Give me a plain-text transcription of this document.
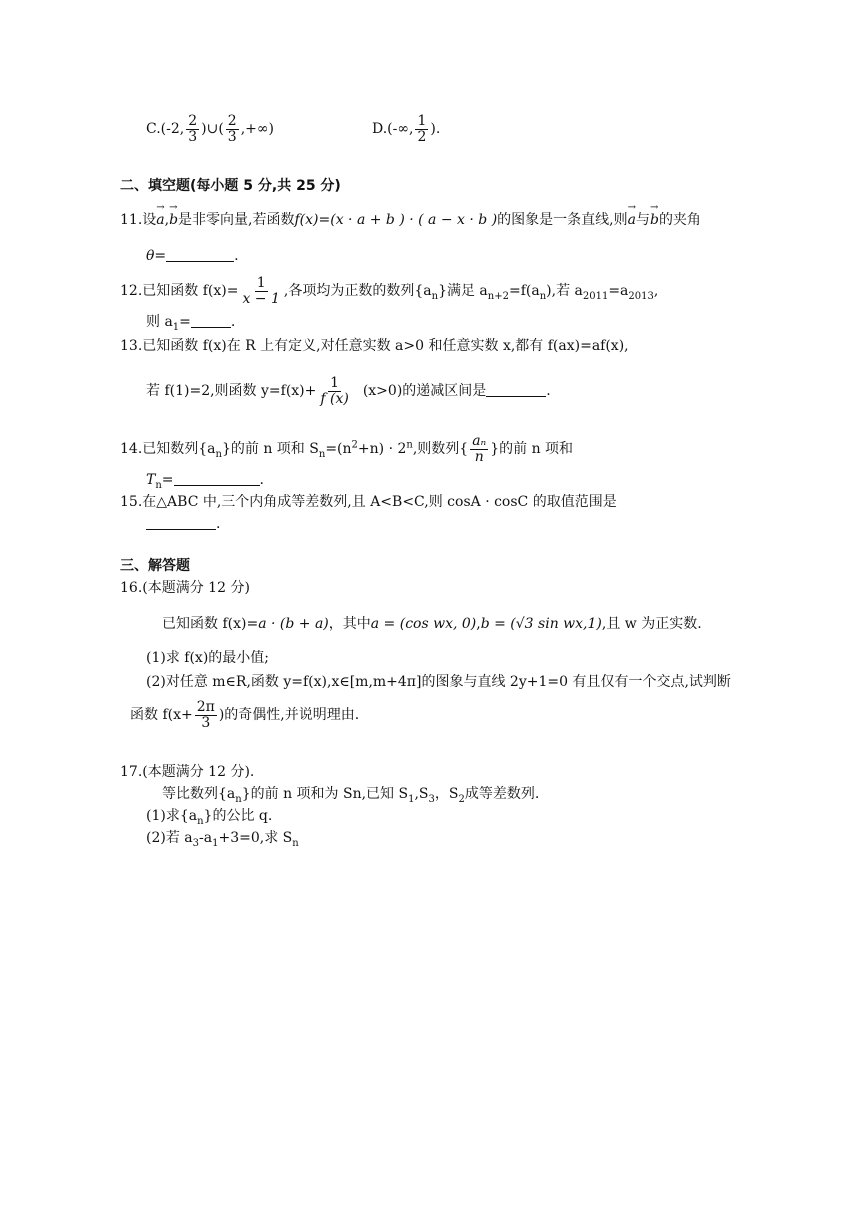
C.(-2, $\frac{2}{3}$ )∪( $\frac{2}{3}$ ,+∞)	D.(-∞, $\frac{1}{2}$ ).
二、填空题(每小题 5 分,共 25 分)
11.设→ a,→ b是非零向量,若函数f(x)=(x · a + b ) · ( a − x · b )的图象是一条直线,则→ a与→ b的夹角
θ=	.
12.已知函数 $f(x)= \frac{1}{x - 1}$ ,各项均为正数的数列$\{a_n\}$满足 $a_{n+2}=f(a_n)$,若 $a_{2011}=a_{2013}$,
则 $a_1=$	.
13.已知函数 f(x)在 R 上有定义,对任意实数 a>0 和任意实数 x,都有 f(ax)=af(x),
若 f(1)=2,则函数 $y=f(x)+ \frac{1}{f (x)} (x>0)$的递减区间是	.
14.已知数列$\{a_n\}$的前 n 项和 $S_n=(n^2+n) \cdot 2^n$,则数列{ $\frac{\text{aₙ}}{n}$ }的前 n 项和
$T_n=$	.
15.在△ABC 中,三个内角成等差数列,且 A<B<C,则 cosA · cosC 的取值范围是
.
三、解答题
16.(本题满分 12 分)
已知函数 f(x)=a · (b + a)，其中a = (cos wx, 0),b = (√3 sin wx,1),且 w 为正实数.
(1)求 f(x)的最小值;
(2)对任意 m∈R,函数 y=f(x),x∈[m,m+4π]的图象与直线 2y+1=0 有且仅有一个交点,试判断
函数 $f(x+ \frac{2\pi}{3}$ )的奇偶性,并说明理由.
17.(本题满分 12 分).
等比数列$\{a_n\}$的前 n 项和为 Sn,已知 $S_1,S_3$，$S_2$成等差数列.
(1)求$\{a_n\}$的公比 q.
(2)若 $a_3-a_1+3=0$,求 $S_n$
